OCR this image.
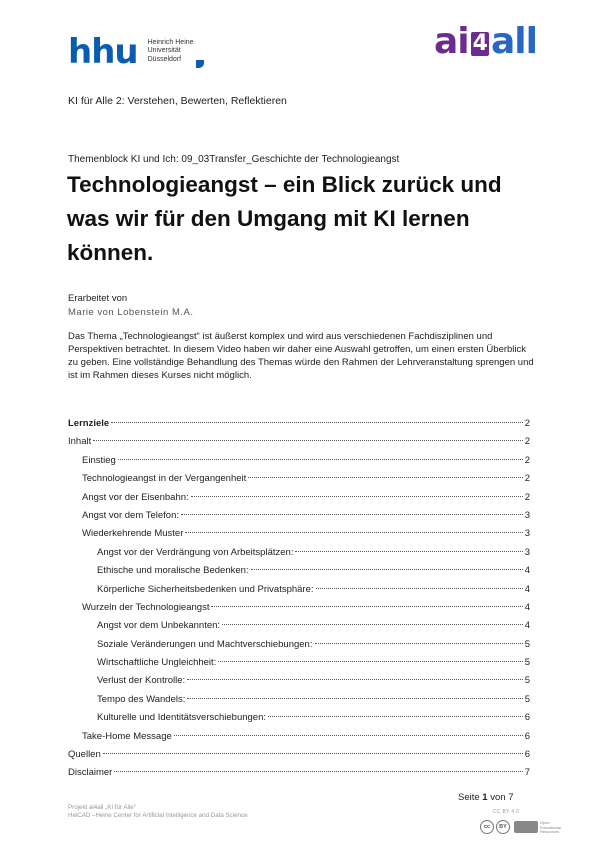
hhu Heinrich Heine
Universität
Düsseldorf	ai 4 all
KI für Alle 2: Verstehen, Bewerten, Reflektieren
Themenblock KI und Ich: 09_03Transfer_Geschichte der Technologieangst
Technologieangst – ein Blick zurück und was wir für den Umgang mit KI lernen können.
Erarbeitet von
Marie von Lobenstein M.A.

Das Thema „Technologieangst“ ist äußerst komplex und wird aus verschiedenen Fachdisziplinen und Perspektiven betrachtet. In diesem Video haben wir daher eine Auswahl getroffen, um einen ersten Überblick zu geben. Eine vollständige Behandlung des Themas würde den Rahmen der Lehrveranstaltung sprengen und ist im Rahmen dieses Kurses nicht möglich.

Lernziele	2
Inhalt	2
Einstieg	2
Technologieangst in der Vergangenheit	2
Angst vor der Eisenbahn:	2
Angst vor dem Telefon:	3
Wiederkehrende Muster	3
Angst vor der Verdrängung von Arbeitsplätzen:	3
Ethische und moralische Bedenken:	4
Körperliche Sicherheitsbedenken und Privatsphäre:	4
Wurzeln der Technologieangst	4
Angst vor dem Unbekannten:	4
Soziale Veränderungen und Machtverschiebungen:	5
Wirtschaftliche Ungleichheit:	5
Verlust der Kontrolle:	5
Tempo des Wandels:	5
Kulturelle und Identitätsverschiebungen:	6
Take-Home Message	6
Quellen	6
Disclaimer	7
Seite 1 von 7
Projekt ai4all „KI für Alle“
HeiCAD –Heine Center for Artificial Intelligence and Data Science	CC BY 4.0
cc	BY
Open
Educational
Resources
